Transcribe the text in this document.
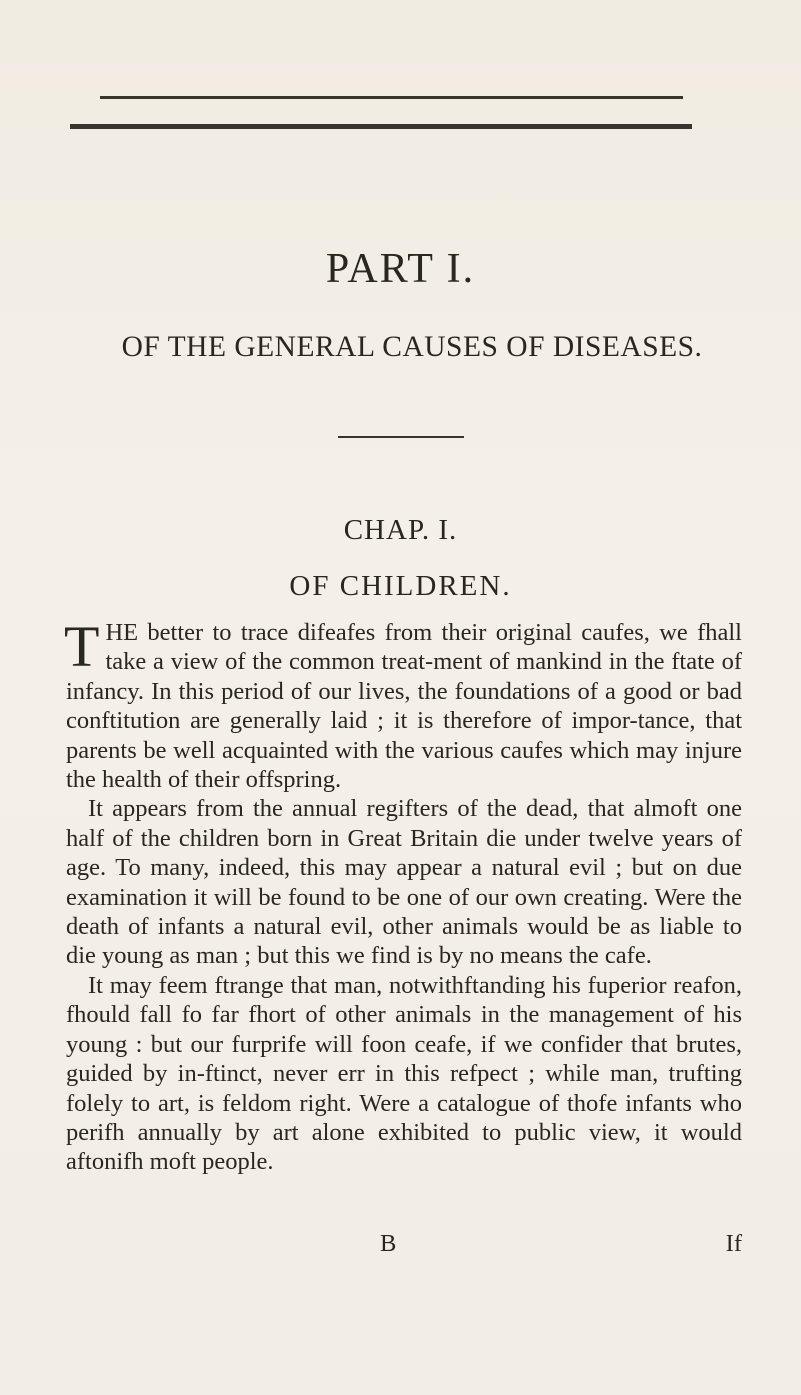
PART I.
OF THE GENERAL CAUSES OF DISEASES.
CHAP. I.
OF CHILDREN.

THE better to trace difeafes from their original caufes, we fhall take a view of the common treat-ment of mankind in the ftate of infancy. In this period of our lives, the foundations of a good or bad conftitution are generally laid ; it is therefore of impor-tance, that parents be well acquainted with the various caufes which may injure the health of their offspring.

It appears from the annual regifters of the dead, that almoft one half of the children born in Great Britain die under twelve years of age. To many, indeed, this may appear a natural evil ; but on due examination it will be found to be one of our own creating. Were the death of infants a natural evil, other animals would be as liable to die young as man ; but this we find is by no means the cafe.

It may feem ftrange that man, notwithftanding his fuperior reafon, fhould fall fo far fhort of other animals in the management of his young : but our furprife will foon ceafe, if we confider that brutes, guided by in-ftinct, never err in this refpect ; while man, trufting folely to art, is feldom right. Were a catalogue of thofe infants who perifh annually by art alone exhibited to public view, it would aftonifh moft people.

B	If
